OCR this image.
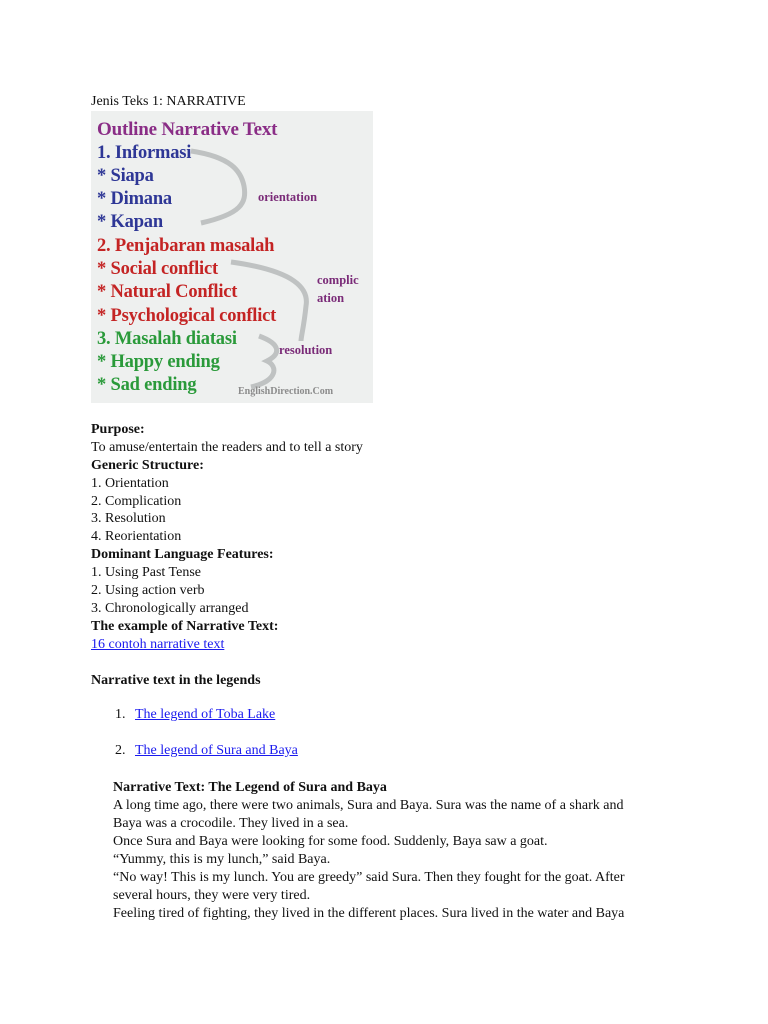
Jenis Teks 1: NARRATIVE
Outline Narrative Text
1. Informasi
* Siapa
* Dimana
* Kapan
2. Penjabaran masalah
* Social conflict
* Natural Conflict
* Psychological conflict
3. Masalah diatasi
* Happy ending
* Sad ending
orientation
complic
ation
resolution
EnglishDirection.Com
Purpose:
To amuse/entertain the readers and to tell a story
Generic Structure:
1. Orientation
2. Complication
3. Resolution
4. Reorientation
Dominant Language Features:
1. Using Past Tense
2. Using action verb
3. Chronologically arranged
The example of Narrative Text:
16 contoh narrative text
Narrative text in the legends
1. The legend of Toba Lake
2. The legend of Sura and Baya
Narrative Text: The Legend of Sura and Baya
A long time ago, there were two animals, Sura and Baya. Sura was the name of a shark and
Baya was a crocodile. They lived in a sea.
Once Sura and Baya were looking for some food. Suddenly, Baya saw a goat.
“Yummy, this is my lunch,” said Baya.
“No way! This is my lunch. You are greedy” said Sura. Then they fought for the goat. After
several hours, they were very tired.
Feeling tired of fighting, they lived in the different places. Sura lived in the water and Baya
